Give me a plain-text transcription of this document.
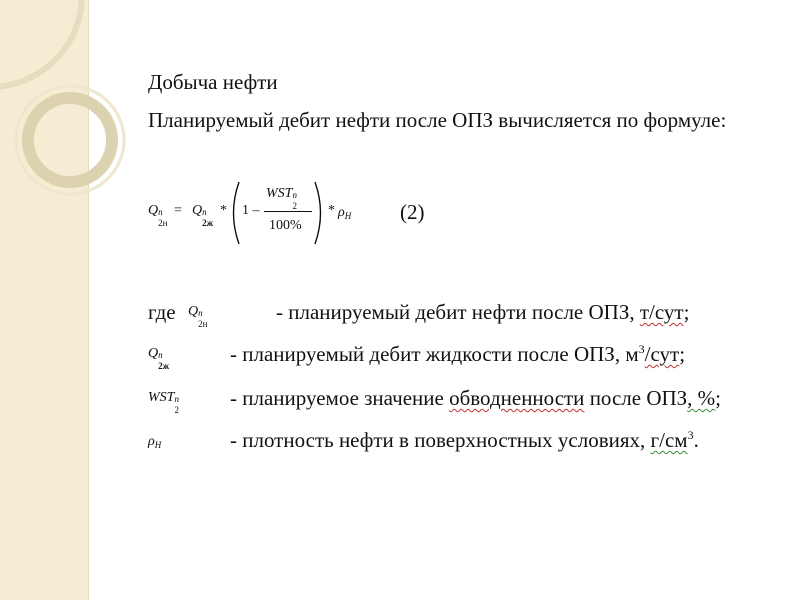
Добыча нефти
Планируемый дебит нефти после ОПЗ вычисляется по формуле:
Q n
2н
= Q n
2ж
* 1 –
WST n
2
100%
* $\rho_Н$ (2)
где Q n
2н	- планируемый дебит нефти после ОПЗ, т/сут;
Q n
2ж	- планируемый дебит жидкости после ОПЗ, $м^3$/сут;
WST n
2 - планируемое значение обводненности после ОПЗ, %;
$\rho_Н$	- плотность нефти в поверхностных условиях, $г/см^3$.
